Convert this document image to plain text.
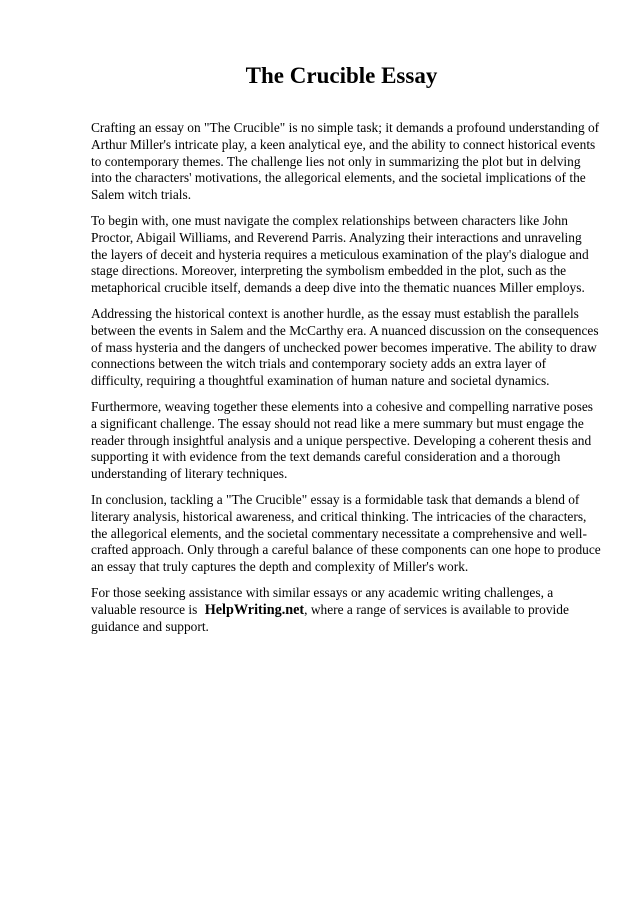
The Crucible Essay

Crafting an essay on "The Crucible" is no simple task; it demands a profound understanding of Arthur Miller's intricate play, a keen analytical eye, and the ability to connect historical events to contemporary themes. The challenge lies not only in summarizing the plot but in delving into the characters' motivations, the allegorical elements, and the societal implications of the Salem witch trials.

To begin with, one must navigate the complex relationships between characters like John Proctor, Abigail Williams, and Reverend Parris. Analyzing their interactions and unraveling the layers of deceit and hysteria requires a meticulous examination of the play's dialogue and stage directions. Moreover, interpreting the symbolism embedded in the plot, such as the metaphorical crucible itself, demands a deep dive into the thematic nuances Miller employs.

Addressing the historical context is another hurdle, as the essay must establish the parallels between the events in Salem and the McCarthy era. A nuanced discussion on the consequences of mass hysteria and the dangers of unchecked power becomes imperative. The ability to draw connections between the witch trials and contemporary society adds an extra layer of difficulty, requiring a thoughtful examination of human nature and societal dynamics.

Furthermore, weaving together these elements into a cohesive and compelling narrative poses a significant challenge. The essay should not read like a mere summary but must engage the reader through insightful analysis and a unique perspective. Developing a coherent thesis and supporting it with evidence from the text demands careful consideration and a thorough understanding of literary techniques.

In conclusion, tackling a "The Crucible" essay is a formidable task that demands a blend of literary analysis, historical awareness, and critical thinking. The intricacies of the characters, the allegorical elements, and the societal commentary necessitate a comprehensive and well-crafted approach. Only through a careful balance of these components can one hope to produce an essay that truly captures the depth and complexity of Miller's work.

For those seeking assistance with similar essays or any academic writing challenges, a valuable resource is HelpWriting.net, where a range of services is available to provide guidance and support.
